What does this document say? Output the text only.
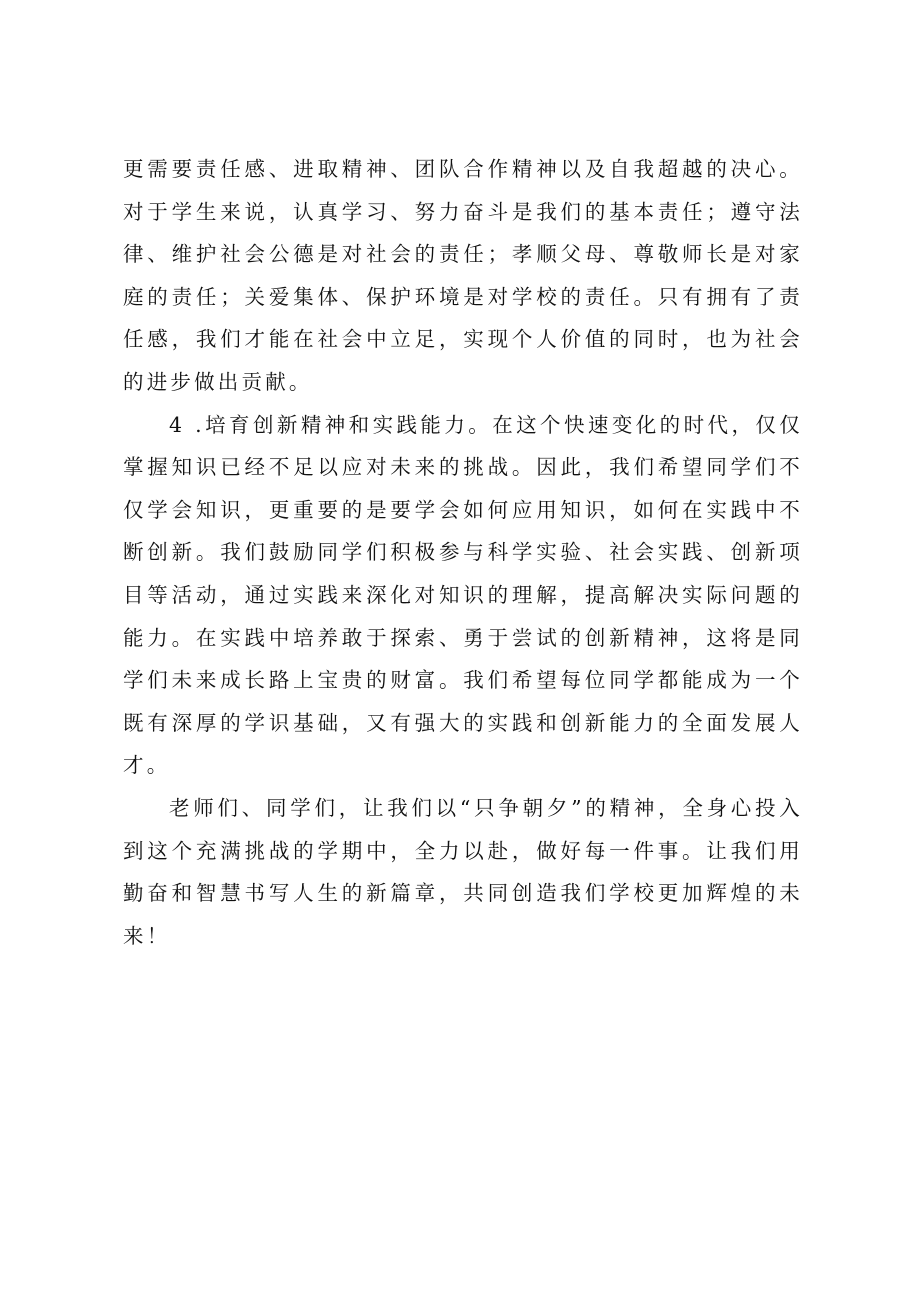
更需要责任感、进取精神、团队合作精神以及自我超越的决心。对于学生来说，认真学习、努力奋斗是我们的基本责任；遵守法律、维护社会公德是对社会的责任；孝顺父母、尊敬师长是对家庭的责任；关爱集体、保护环境是对学校的责任。只有拥有了责任感，我们才能在社会中立足，实现个人价值的同时，也为社会的进步做出贡献。

4 .培育创新精神和实践能力。在这个快速变化的时代，仅仅掌握知识已经不足以应对未来的挑战。因此，我们希望同学们不仅学会知识，更重要的是要学会如何应用知识，如何在实践中不断创新。我们鼓励同学们积极参与科学实验、社会实践、创新项目等活动，通过实践来深化对知识的理解，提高解决实际问题的能力。在实践中培养敢于探索、勇于尝试的创新精神，这将是同学们未来成长路上宝贵的财富。我们希望每位同学都能成为一个既有深厚的学识基础，又有强大的实践和创新能力的全面发展人才。

老师们、同学们，让我们以“只争朝夕”的精神，全身心投入到这个充满挑战的学期中，全力以赴，做好每一件事。让我们用勤奋和智慧书写人生的新篇章，共同创造我们学校更加辉煌的未来！
